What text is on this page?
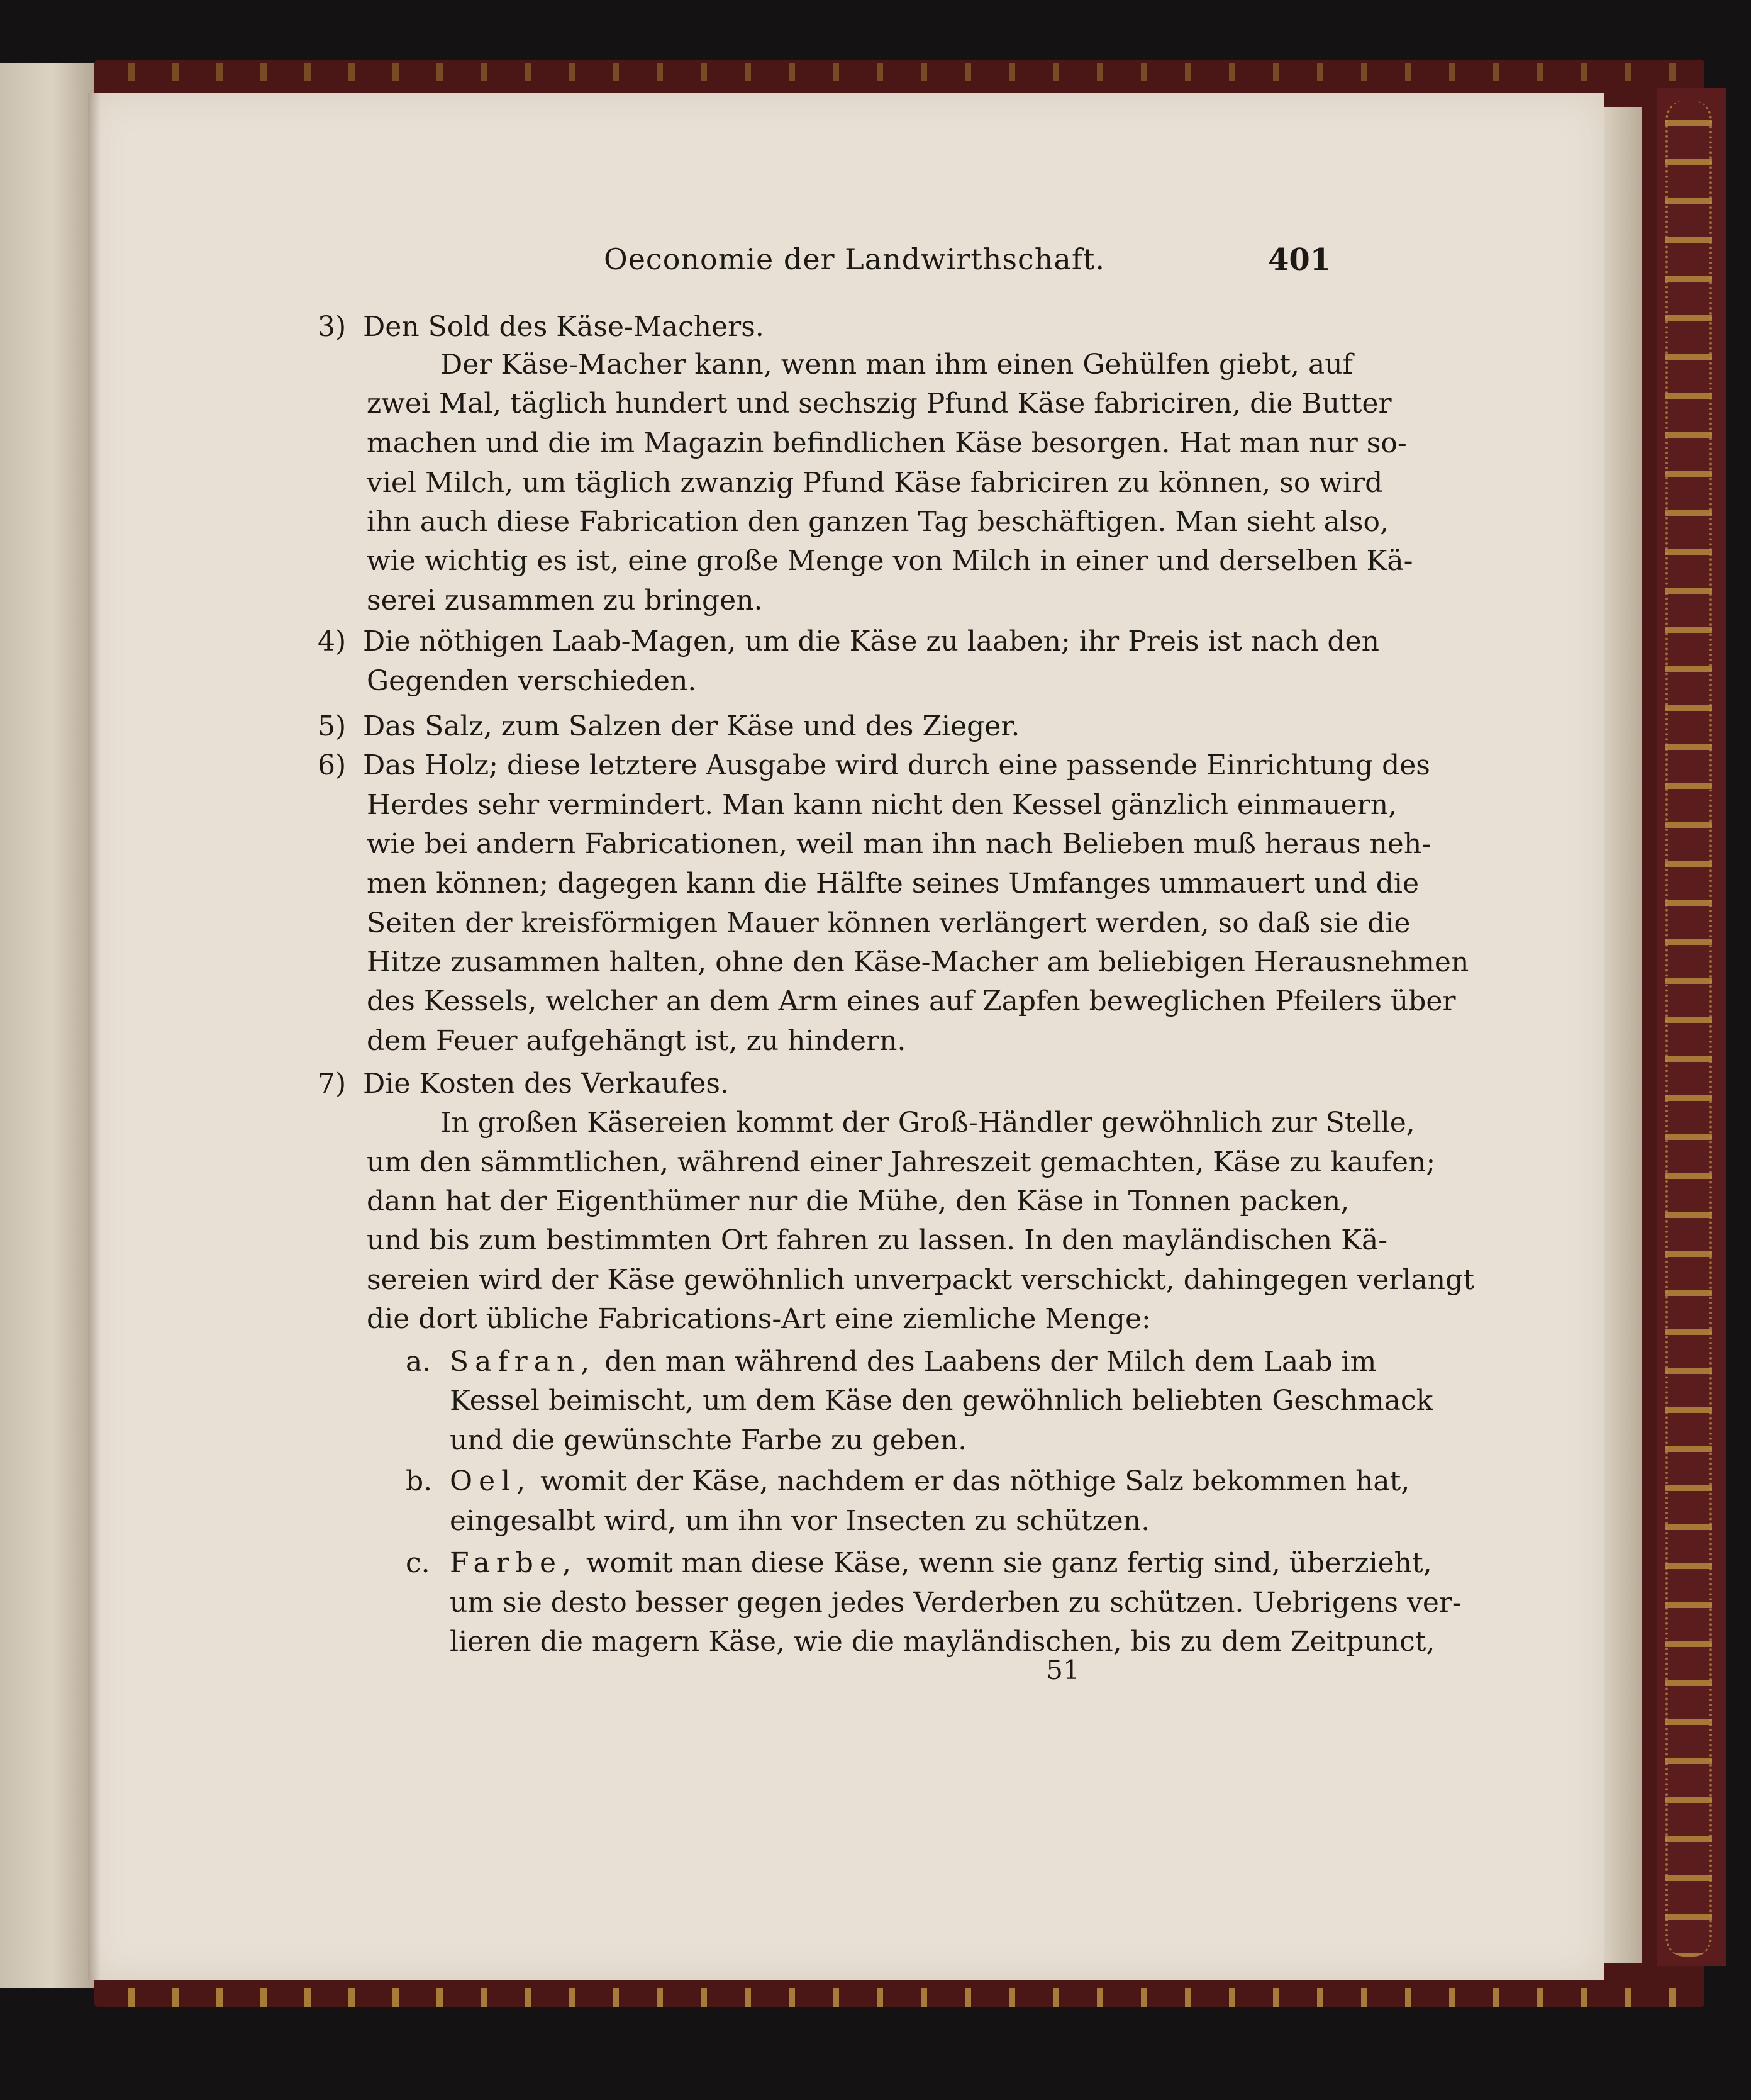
Oeconomie der Landwirthschaft.	401
3) Den Sold des Käse-Machers.
Der Käse-Macher kann, wenn man ihm einen Gehülfen giebt, auf
zwei Mal, täglich hundert und sechszig Pfund Käse fabriciren, die Butter
machen und die im Magazin befindlichen Käse besorgen. Hat man nur so-
viel Milch, um täglich zwanzig Pfund Käse fabriciren zu können, so wird
ihn auch diese Fabrication den ganzen Tag beschäftigen. Man sieht also,
wie wichtig es ist, eine große Menge von Milch in einer und derselben Kä-
serei zusammen zu bringen.
4) Die nöthigen Laab-Magen, um die Käse zu laaben; ihr Preis ist nach den
Gegenden verschieden.
5) Das Salz, zum Salzen der Käse und des Zieger.
6) Das Holz; diese letztere Ausgabe wird durch eine passende Einrichtung des
Herdes sehr vermindert. Man kann nicht den Kessel gänzlich einmauern,
wie bei andern Fabricationen, weil man ihn nach Belieben muß heraus neh-
men können; dagegen kann die Hälfte seines Umfanges ummauert und die
Seiten der kreisförmigen Mauer können verlängert werden, so daß sie die
Hitze zusammen halten, ohne den Käse-Macher am beliebigen Herausnehmen
des Kessels, welcher an dem Arm eines auf Zapfen beweglichen Pfeilers über
dem Feuer aufgehängt ist, zu hindern.
7) Die Kosten des Verkaufes.
In großen Käsereien kommt der Groß-Händler gewöhnlich zur Stelle,
um den sämmtlichen, während einer Jahreszeit gemachten, Käse zu kaufen;
dann hat der Eigenthümer nur die Mühe, den Käse in Tonnen packen,
und bis zum bestimmten Ort fahren zu lassen. In den mayländischen Kä-
sereien wird der Käse gewöhnlich unverpackt verschickt, dahingegen verlangt
die dort übliche Fabrications-Art eine ziemliche Menge:
a. Safran, den man während des Laabens der Milch dem Laab im
Kessel beimischt, um dem Käse den gewöhnlich beliebten Geschmack
und die gewünschte Farbe zu geben.
b. Oel, womit der Käse, nachdem er das nöthige Salz bekommen hat,
eingesalbt wird, um ihn vor Insecten zu schützen.
c. Farbe, womit man diese Käse, wenn sie ganz fertig sind, überzieht,
um sie desto besser gegen jedes Verderben zu schützen. Uebrigens ver-
lieren die magern Käse, wie die mayländischen, bis zu dem Zeitpunct,
51
